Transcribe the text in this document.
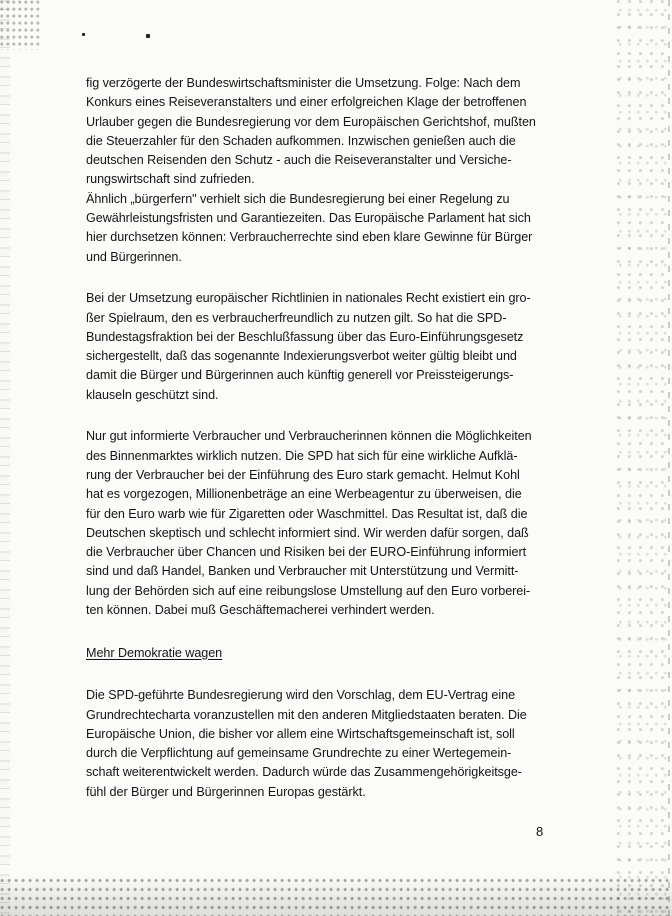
fig verzögerte der Bundeswirtschaftsminister die Umsetzung. Folge: Nach dem
Konkurs eines Reiseveranstalters und einer erfolgreichen Klage der betroffenen
Urlauber gegen die Bundesregierung vor dem Europäischen Gerichtshof, mußten
die Steuerzahler für den Schaden aufkommen. Inzwischen genießen auch die
deutschen Reisenden den Schutz - auch die Reiseveranstalter und Versiche-
rungswirtschaft sind zufrieden.
Ähnlich „bürgerfern" verhielt sich die Bundesregierung bei einer Regelung zu
Gewährleistungsfristen und Garantiezeiten. Das Europäische Parlament hat sich
hier durchsetzen können: Verbraucherrechte sind eben klare Gewinne für Bürger
und Bürgerinnen.
Bei der Umsetzung europäischer Richtlinien in nationales Recht existiert ein gro-
ßer Spielraum, den es verbraucherfreundlich zu nutzen gilt. So hat die SPD-
Bundestagsfraktion bei der Beschlußfassung über das Euro-Einführungsgesetz
sichergestellt, daß das sogenannte Indexierungsverbot weiter gültig bleibt und
damit die Bürger und Bürgerinnen auch künftig generell vor Preissteigerungs-
klauseln geschützt sind.
Nur gut informierte Verbraucher und Verbraucherinnen können die Möglichkeiten
des Binnenmarktes wirklich nutzen. Die SPD hat sich für eine wirkliche Aufklä-
rung der Verbraucher bei der Einführung des Euro stark gemacht. Helmut Kohl
hat es vorgezogen, Millionenbeträge an eine Werbeagentur zu überweisen, die
für den Euro warb wie für Zigaretten oder Waschmittel. Das Resultat ist, daß die
Deutschen skeptisch und schlecht informiert sind. Wir werden dafür sorgen, daß
die Verbraucher über Chancen und Risiken bei der EURO-Einführung informiert
sind und daß Handel, Banken und Verbraucher mit Unterstützung und Vermitt-
lung der Behörden sich auf eine reibungslose Umstellung auf den Euro vorberei-
ten können. Dabei muß Geschäftemacherei verhindert werden.
Mehr Demokratie wagen
Die SPD-geführte Bundesregierung wird den Vorschlag, dem EU-Vertrag eine
Grundrechtecharta voranzustellen mit den anderen Mitgliedstaaten beraten. Die
Europäische Union, die bisher vor allem eine Wirtschaftsgemeinschaft ist, soll
durch die Verpflichtung auf gemeinsame Grundrechte zu einer Wertegemein-
schaft weiterentwickelt werden. Dadurch würde das Zusammengehörigkeitsge-
fühl der Bürger und Bürgerinnen Europas gestärkt.
8
